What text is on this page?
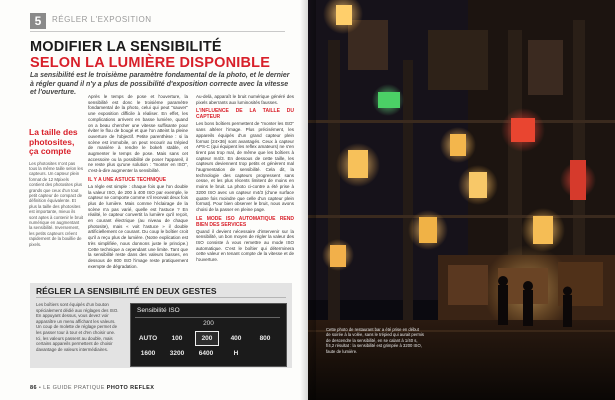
5	RÉGLER L'EXPOSITION
MODIFIER LA SENSIBILITÉ
SELON LA LUMIÈRE DISPONIBLE
La sensibilité est le troisième paramètre fondamental de la photo, et le dernier à régler quand il n'y a plus de possibilité d'exposition correcte avec la vitesse et l'ouverture.
La taille des photosites, ça compte
Les photosites n'ont pas tous la même taille selon les capteurs. Un capteur plein format de 12 Mpixels contient des photosites plus grands que ceux d'un tout petit capteur de compact de définition équivalente. Et plus la taille des photosites est importante, mieux ils sont aptes à contenir le bruit numérique en augmentant la sensibilité. Inversement, les petits capteurs créent rapidement de la bouillie de pixels.

Après le temps de pose et l'ouverture, la sensibilité est donc le troisième paramètre fondamental de la photo, celui qui peut "sauver" une exposition difficile à réaliser. En effet, les complications arrivent en basse lumière, quand on a beau chercher une vitesse suffisante pour éviter le flou de bougé et que l'on atteint la pleine ouverture de l'objectif. Petite parenthèse : si la scène est immobile, on peut recourir au trépied de manière à rendre le bokeh stable, et augmenter le temps de pose. Mais sans cet accessoire ou la possibilité de poser l'appareil, il ne reste plus qu'une solution : "monter en ISO", c'est-à-dire augmenter la sensibilité.

IL Y A UNE ASTUCE TECHNIQUE

La règle est simple : chaque fois que l'on double la valeur ISO, de 200 à 400 ISO par exemple, le capteur se comporte comme s'il recevait deux fois plus de lumière. Mais comme l'éclairage de la scène n'a pas varié, quelle est l'astuce ? En réalité, le capteur convertit la lumière qu'il reçoit, en courant électrique (au niveau de chaque photosite), mais « voit l'astuce » il double artificiellement ce courant. Du coup le boîtier croit qu'il a reçu plus de lumière. (Notre explication est très simplifiée, nous donnons juste le principe.) Cette technique a cependant une limite. Tant que la sensibilité reste dans des valeurs basses, en dessous de 800 ISO l'image reste pratiquement exempte de dégradation.

Au-delà, apparaît le bruit numérique généré des pixels aberrants aux luminosités fausses.

L'INFLUENCE DE LA TAILLE DU CAPTEUR

Les bons boîtiers permettent de "monter les ISO" sans altérer l'image. Plus précisément, les appareils équipés d'un grand capteur plein format (24×36) sont avantagés. Ceux à capteur APS-C (qui équipent les reflex amateurs) ne s'en tirent pas trop mal, de même que les boîtiers à capteur m4/3. En dessous de cette taille, les capteurs deviennent trop petits et génèrent mal l'augmentation de sensibilité. Cela dit, la technologie des capteurs progressent sans cesse, et les plus récents limitent de moins en moins le bruit. La photo ci-contre a été prise à 3200 ISO avec un capteur m4/3 (d'une surface quatre fois moindre que celle d'un capteur plein format). Pour bien observer le bruit, nous avons choisi de la passer en pleine page.

LE MODE ISO AUTOMATIQUE REND BIEN DES SERVICES

Quand il devient nécessaire d'intervenir sur la sensibilité, un bon moyen de régler la valeur des ISO consiste à vous remettre au mode ISO automatique. C'est le boîtier qui déterminera cette valeur en tenant compte de la vitesse et de l'ouverture.

RÉGLER LA SENSIBILITÉ EN DEUX GESTES
Les boîtiers sont équipés d'un bouton spécialement dédié aux réglages des ISO. En appuyant dessus, vous devez voir apparaître un menu affichant les valeurs. Un coup de molette de réglage permet de les passer tour à tour et d'en choisir une. Ici, les valeurs passent au double, mais certains appareils permettent de choisir davantage de valeurs intermédiaires.
Sensibilité ISO
200
AUTO	100	200	400	800
1600	3200	6400	H
86 • LE GUIDE PRATIQUE PHOTO REFLEX
Cette photo de restaurant bar a été prise en début de soirée à la volée, sans le trépied qui aurait permis de descendre la sensibilité, en se calant à 1/40 s, f/4,2 résultat : la sensibilité est grimpée à 3200 ISO, faute de lumière.
